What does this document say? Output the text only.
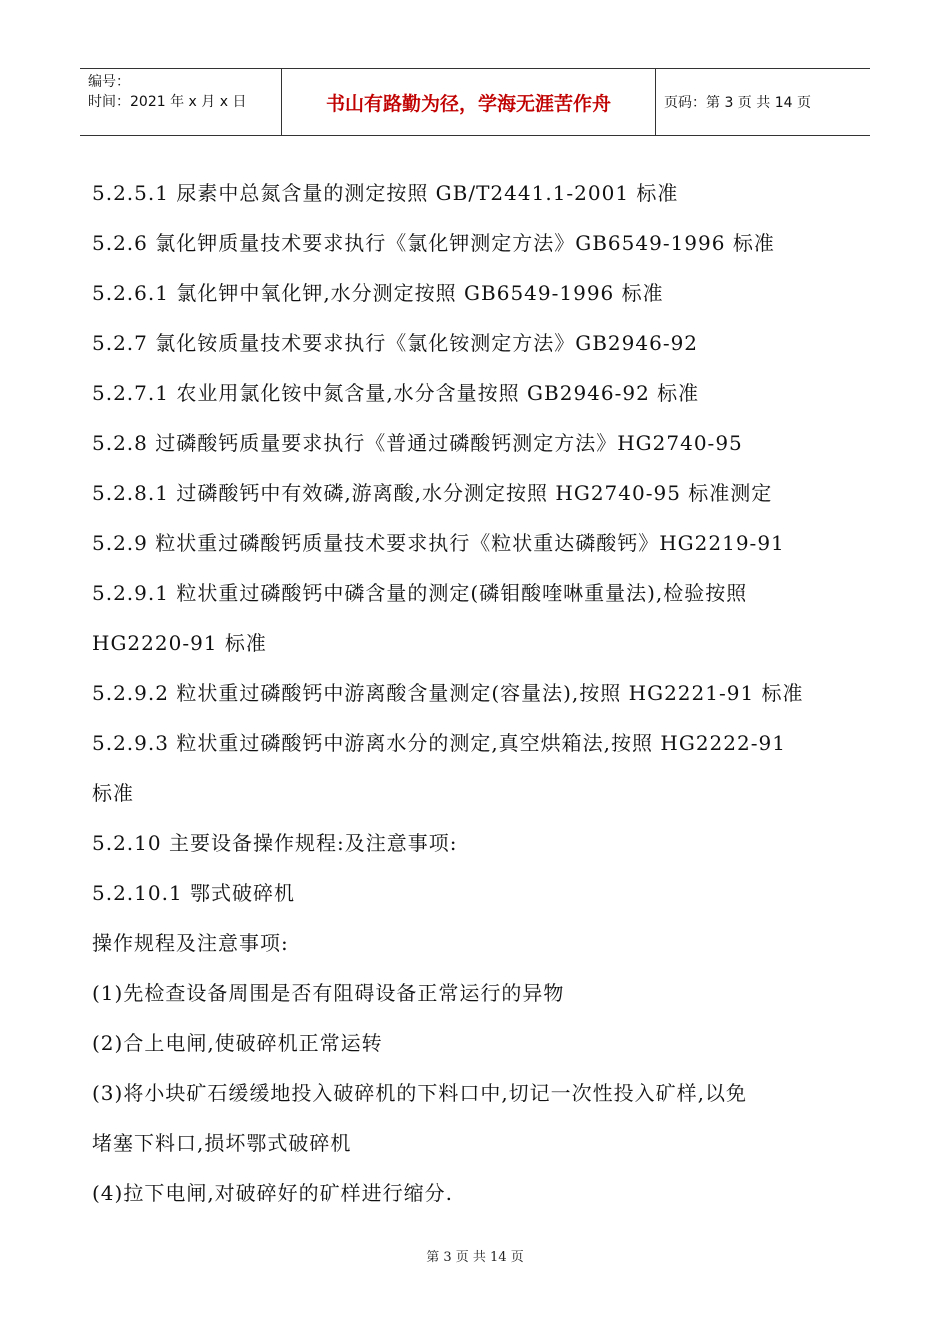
编号：
时间：2021 年 x 月 x 日	书山有路勤为径，学海无涯苦作舟	页码：第 3 页 共 14 页
5.2.5.1 尿素中总氮含量的测定按照 GB/T2441.1-2001 标准
5.2.6 氯化钾质量技术要求执行《氯化钾测定方法》GB6549-1996 标准
5.2.6.1 氯化钾中氧化钾,水分测定按照 GB6549-1996 标准
5.2.7 氯化铵质量技术要求执行《氯化铵测定方法》GB2946-92
5.2.7.1 农业用氯化铵中氮含量,水分含量按照 GB2946-92 标准
5.2.8 过磷酸钙质量要求执行《普通过磷酸钙测定方法》HG2740-95
5.2.8.1 过磷酸钙中有效磷,游离酸,水分测定按照 HG2740-95 标准测定
5.2.9 粒状重过磷酸钙质量技术要求执行《粒状重达磷酸钙》HG2219-91
5.2.9.1 粒状重过磷酸钙中磷含量的测定(磷钼酸喹啉重量法),检验按照
HG2220-91 标准
5.2.9.2 粒状重过磷酸钙中游离酸含量测定(容量法),按照 HG2221-91 标准
5.2.9.3 粒状重过磷酸钙中游离水分的测定,真空烘箱法,按照 HG2222-91
标准
5.2.10 主要设备操作规程:及注意事项:
5.2.10.1 鄂式破碎机
操作规程及注意事项:
(1)先检查设备周围是否有阻碍设备正常运行的异物
(2)合上电闸,使破碎机正常运转
(3)将小块矿石缓缓地投入破碎机的下料口中,切记一次性投入矿样,以免
堵塞下料口,损坏鄂式破碎机
(4)拉下电闸,对破碎好的矿样进行缩分.
第 3 页 共 14 页
